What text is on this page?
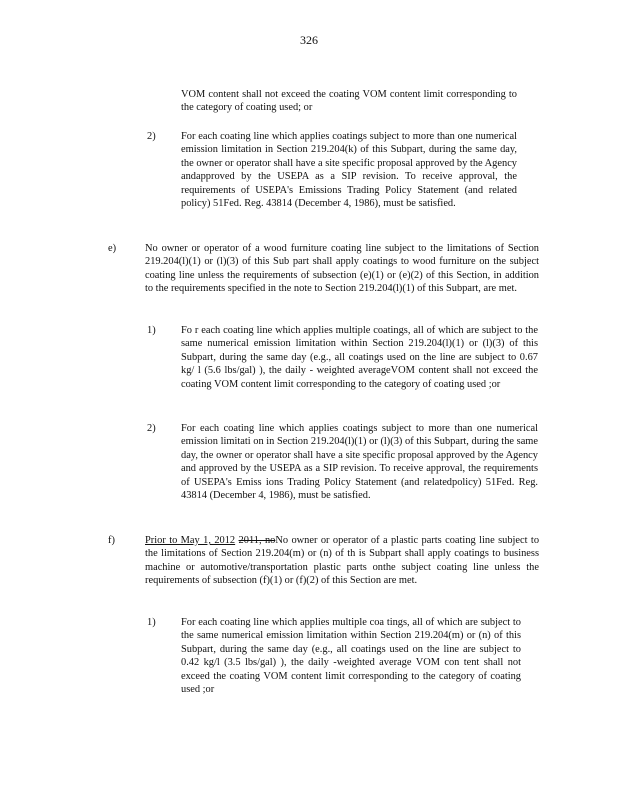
326
VOM content shall not exceed the coating VOM content limit corresponding to the category of coating used; or
2) For each coating line which applies coatings subject to more than one numerical emission limitation in Section 219.204(k) of this Subpart, during the same day, the owner or operator shall have a site specific proposal approved by the Agency andapproved by the USEPA as a SIP revision. To receive approval, the requirements of USEPA's Emissions Trading Policy Statement (and related policy) 51Fed. Reg. 43814 (December 4, 1986), must be satisfied.
e)	No owner or operator of a wood furniture coating line subject to the limitations of Section 219.204(l)(1) or (l)(3) of this Sub part shall apply coatings to wood furniture on the subject coating line unless the requirements of subsection (e)(1) or (e)(2) of this Section, in addition to the requirements specified in the note to Section 219.204(l)(1) of this Subpart, are met.
1) Fo r each coating line which applies multiple coatings, all of which are subject to the same numerical emission limitation within Section 219.204(l)(1) or (l)(3) of this Subpart, during the same day (e.g., all coatings used on the line are subject to 0.67 kg/ l (5.6 lbs/gal) ), the daily - weighted averageVOM content shall not exceed the coating VOM content limit corresponding to the category of coating used ;or
2) For each coating line which applies coatings subject to more than one numerical emission limitati on in Section 219.204(l)(1) or (l)(3) of this Subpart, during the same day, the owner or operator shall have a site specific proposal approved by the Agency and approved by the USEPA as a SIP revision. To receive approval, the requirements of USEPA's Emiss ions Trading Policy Statement (and relatedpolicy) 51Fed. Reg. 43814 (December 4, 1986), must be satisfied.
f)	Prior to May 1, 2012 2011, noNo owner or operator of a plastic parts coating line subject to the limitations of Section 219.204(m) or (n) of th is Subpart shall apply coatings to business machine or automotive/transportation plastic parts onthe subject coating line unless the requirements of subsection (f)(1) or (f)(2) of this Section are met.
1) For each coating line which applies multiple coa tings, all of which are subject to the same numerical emission limitation within Section 219.204(m) or (n) of this Subpart, during the same day (e.g., all coatings used on the line are subject to 0.42 kg/l (3.5 lbs/gal) ), the daily -weighted average VOM con tent shall not exceed the coating VOM content limit corresponding to the category of coating used ;or
